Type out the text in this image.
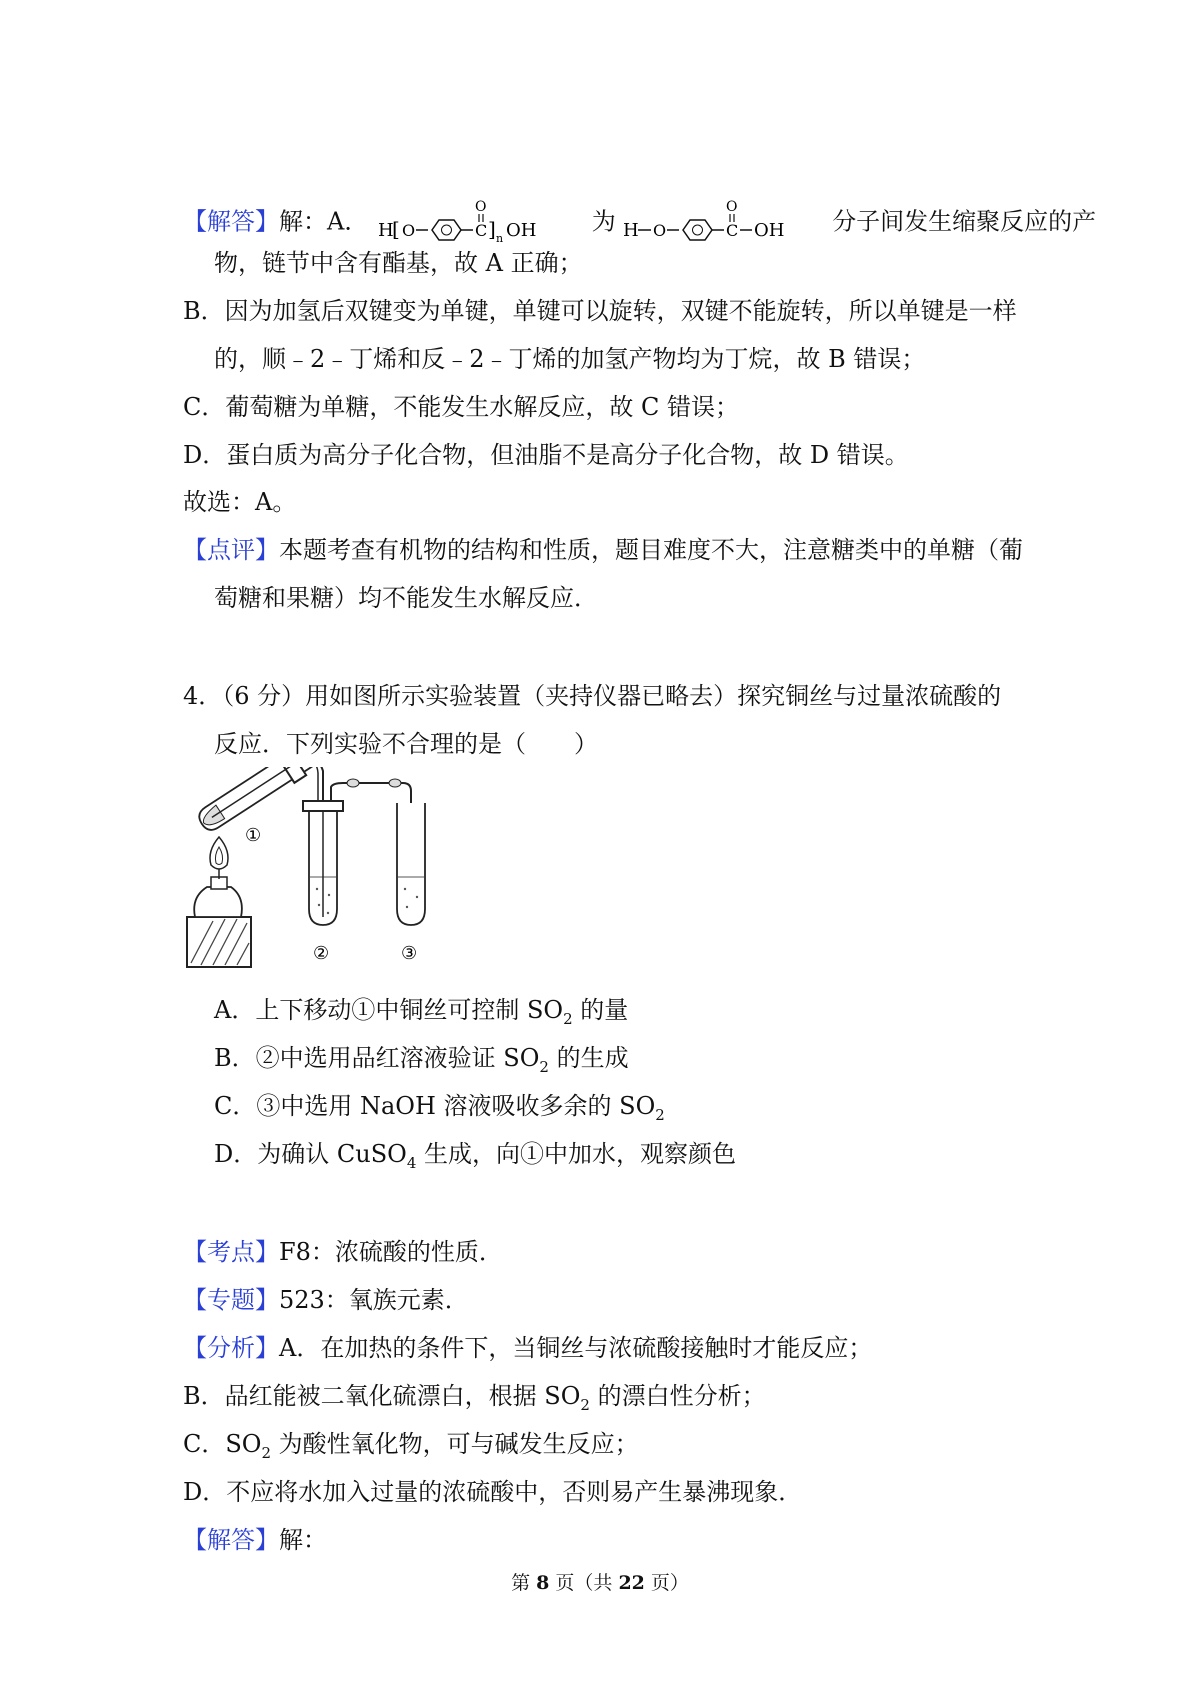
【解答】解：A． H
[ O	C
O
] n OH 为 H O	C
O
OH 分子间发生缩聚反应的产
物，链节中含有酯基，故 A 正确；
B．因为加氢后双键变为单键，单键可以旋转，双键不能旋转，所以单键是一样
的，顺﹣2﹣丁烯和反﹣2﹣丁烯的加氢产物均为丁烷，故 B 错误；
C．葡萄糖为单糖，不能发生水解反应，故 C 错误；
D．蛋白质为高分子化合物，但油脂不是高分子化合物，故 D 错误。
故选：A。
【点评】本题考查有机物的结构和性质，题目难度不大，注意糖类中的单糖（葡
萄糖和果糖）均不能发生水解反应．
4．（6 分）用如图所示实验装置（夹持仪器已略去）探究铜丝与过量浓硫酸的
反应．下列实验不合理的是（　　）
①
②	③
A．上下移动①中铜丝可控制 $SO_2$ 的量
B．②中选用品红溶液验证 $SO_2$ 的生成
C．③中选用 NaOH 溶液吸收多余的 $SO_2$
D．为确认 CuSO$_4$ 生成，向①中加水，观察颜色
【考点】F8：浓硫酸的性质．
【专题】523：氧族元素．
【分析】A．在加热的条件下，当铜丝与浓硫酸接触时才能反应；
B．品红能被二氧化硫漂白，根据 $SO_2$ 的漂白性分析；
C．$SO_2$ 为酸性氧化物，可与碱发生反应；
D．不应将水加入过量的浓硫酸中，否则易产生暴沸现象．
【解答】解：
第 8 页（共 22 页）
